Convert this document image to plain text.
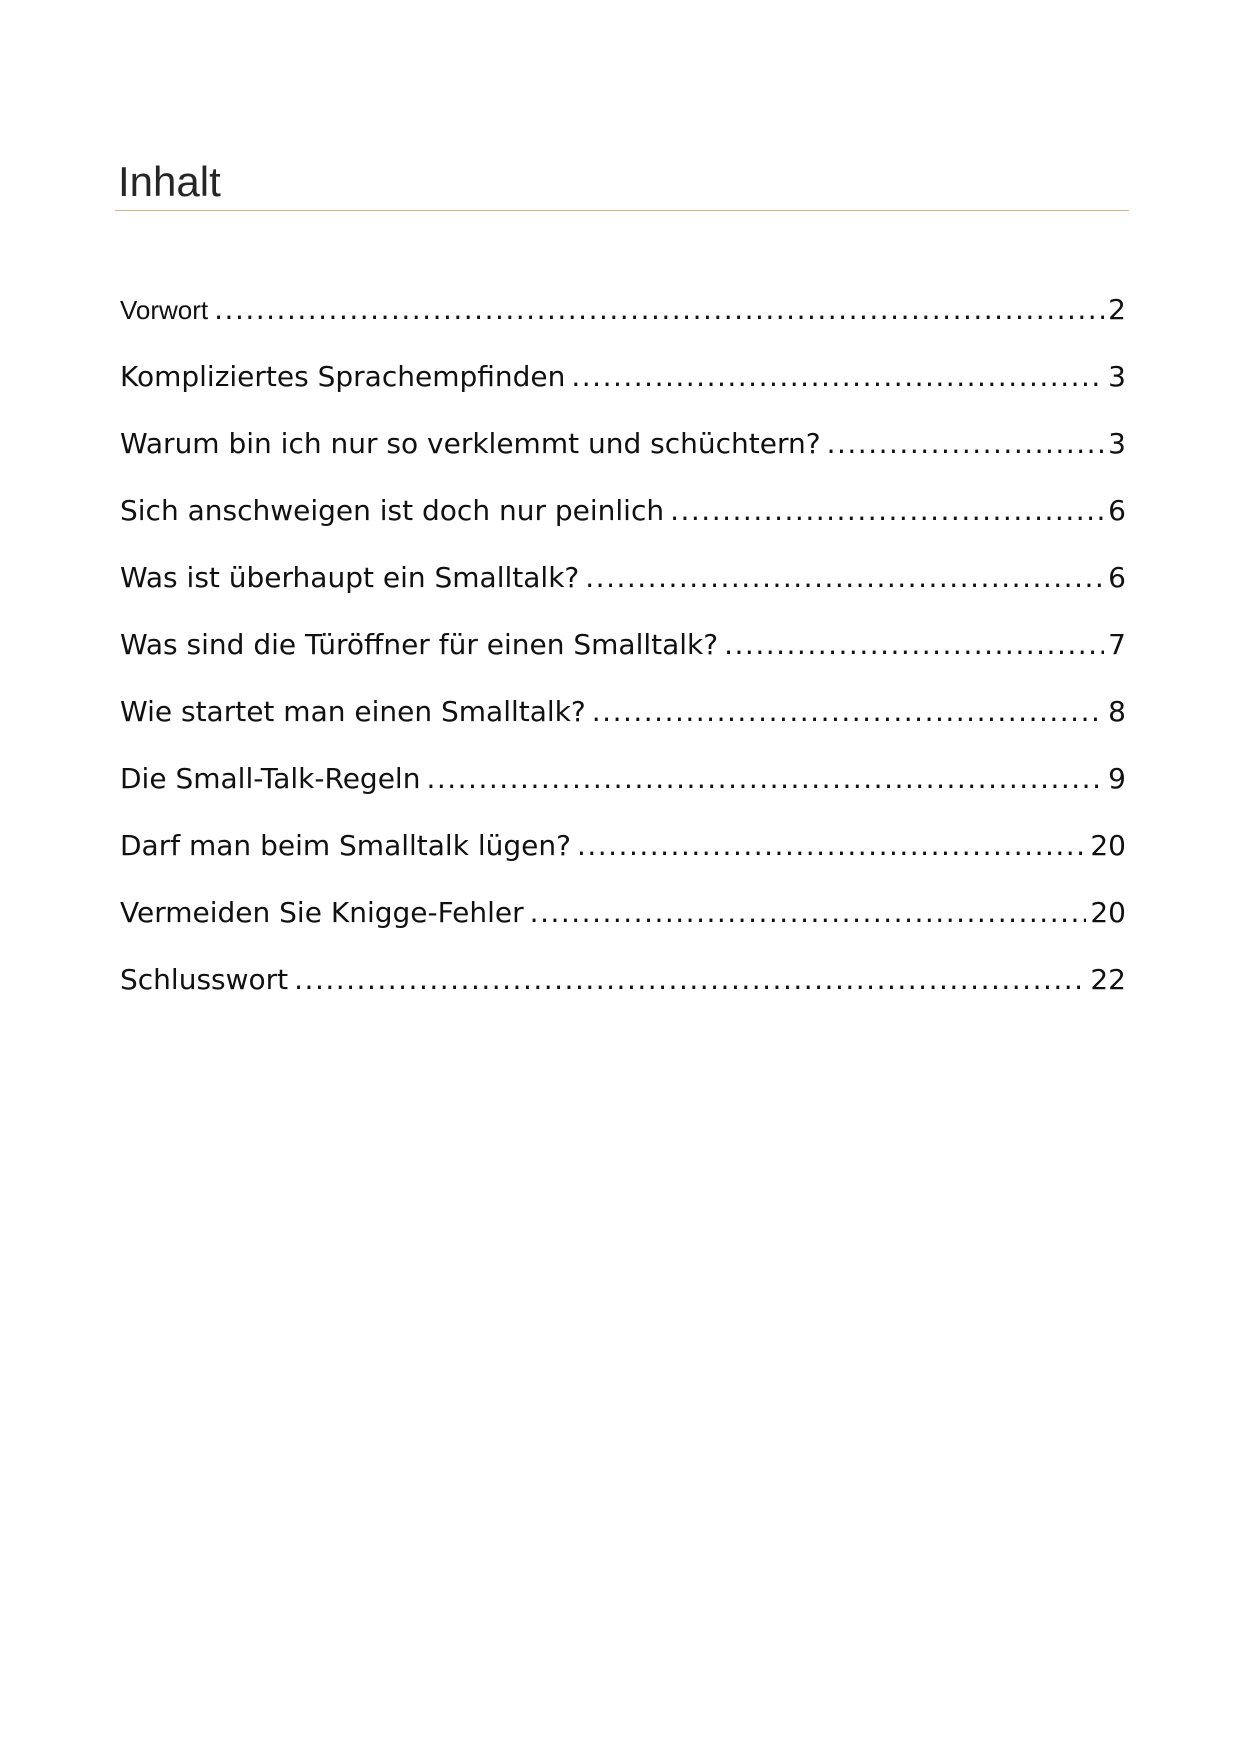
Inhalt
Vorwort .....	2
Kompliziertes Sprachempfinden .....	3
Warum bin ich nur so verklemmt und schüchtern? .....	3
Sich anschweigen ist doch nur peinlich .....	6
Was ist überhaupt ein Smalltalk? .....	6
Was sind die Türöffner für einen Smalltalk? .....	7
Wie startet man einen Smalltalk? .....	8
Die Small-Talk-Regeln .....	9
Darf man beim Smalltalk lügen? .....	20
Vermeiden Sie Knigge-Fehler .....	20
Schlusswort .....	22
